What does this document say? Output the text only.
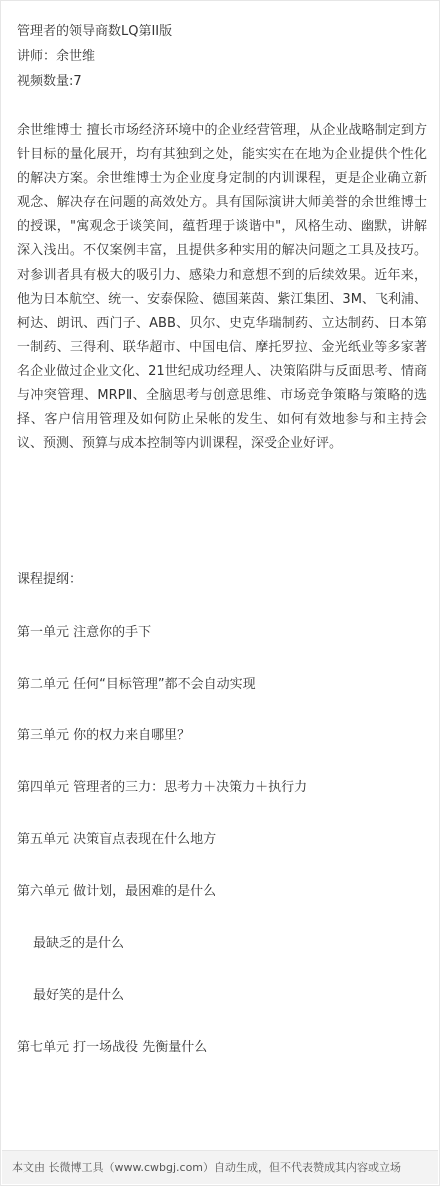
管理者的领导商数LQ第II版
讲师：余世维
视频数量:7
余世维博士 擅长市场经济环境中的企业经营管理，从企业战略制定到方针目标的量化展开，均有其独到之处，能实实在在地为企业提供个性化的解决方案。余世维博士为企业度身定制的内训课程，更是企业确立新观念、解决存在问题的高效处方。具有国际演讲大师美誉的余世维博士的授课，"寓观念于谈笑间，蕴哲理于谈谐中"，风格生动、幽默，讲解深入浅出。不仅案例丰富，且提供多种实用的解决问题之工具及技巧。对参训者具有极大的吸引力、感染力和意想不到的后续效果。近年来，他为日本航空、统一、安泰保险、德国莱茵、紫江集团、3M、飞利浦、柯达、朗讯、西门子、ABB、贝尔、史克华瑞制药、立达制药、日本第一制药、三得利、联华超市、中国电信、摩托罗拉、金光纸业等多家著名企业做过企业文化、21世纪成功经理人、决策陷阱与反面思考、情商与冲突管理、MRPⅡ、全脑思考与创意思维、市场竞争策略与策略的选择、客户信用管理及如何防止呆帐的发生、如何有效地参与和主持会议、预测、预算与成本控制等内训课程，深受企业好评。
课程提纲：
第一单元 注意你的手下
第二单元 任何“目标管理”都不会自动实现
第三单元 你的权力来自哪里？
第四单元 管理者的三力：思考力＋决策力＋执行力
第五单元 决策盲点表现在什么地方
第六单元 做计划，最困难的是什么
最缺乏的是什么
最好笑的是什么
第七单元 打一场战役 先衡量什么
本文由 长微博工具（www.cwbgj.com）自动生成，但不代表赞成其内容或立场
